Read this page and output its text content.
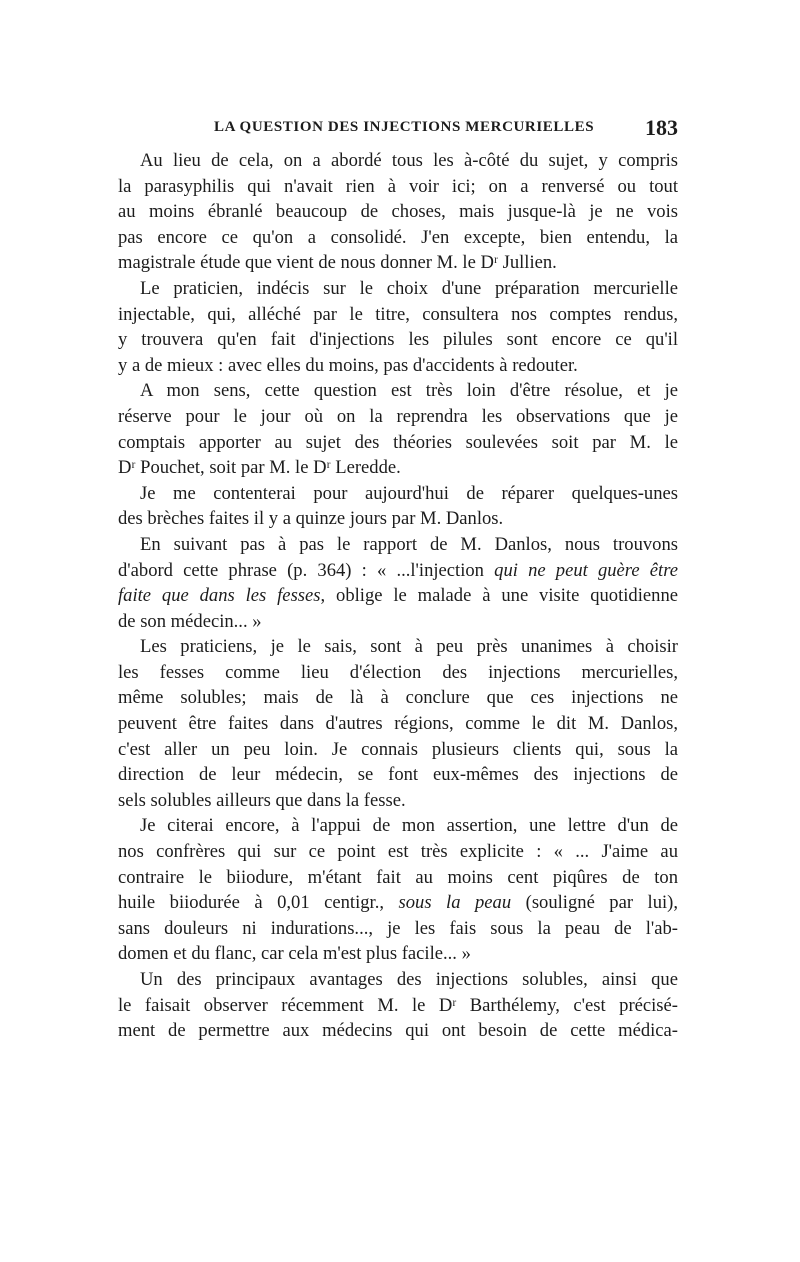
LA QUESTION DES INJECTIONS MERCURIELLES 183
Au lieu de cela, on a abordé tous les à-côté du sujet, y compris
la parasyphilis qui n'avait rien à voir ici; on a renversé ou tout
au moins ébranlé beaucoup de choses, mais jusque-là je ne vois
pas encore ce qu'on a consolidé. J'en excepte, bien entendu, la
magistrale étude que vient de nous donner M. le Dʳ Jullien.
Le praticien, indécis sur le choix d'une préparation mercurielle
injectable, qui, alléché par le titre, consultera nos comptes rendus,
y trouvera qu'en fait d'injections les pilules sont encore ce qu'il
y a de mieux : avec elles du moins, pas d'accidents à redouter.
A mon sens, cette question est très loin d'être résolue, et je
réserve pour le jour où on la reprendra les observations que je
comptais apporter au sujet des théories soulevées soit par M. le
Dʳ Pouchet, soit par M. le Dʳ Leredde.
Je me contenterai pour aujourd'hui de réparer quelques-unes
des brèches faites il y a quinze jours par M. Danlos.
En suivant pas à pas le rapport de M. Danlos, nous trouvons
d'abord cette phrase (p. 364) : « ...l'injection qui ne peut guère être
faite que dans les fesses, oblige le malade à une visite quotidienne
de son médecin... »
Les praticiens, je le sais, sont à peu près unanimes à choisir
les fesses comme lieu d'élection des injections mercurielles,
même solubles; mais de là à conclure que ces injections ne
peuvent être faites dans d'autres régions, comme le dit M. Danlos,
c'est aller un peu loin. Je connais plusieurs clients qui, sous la
direction de leur médecin, se font eux-mêmes des injections de
sels solubles ailleurs que dans la fesse.
Je citerai encore, à l'appui de mon assertion, une lettre d'un de
nos confrères qui sur ce point est très explicite : « ... J'aime au
contraire le biiodure, m'étant fait au moins cent piqûres de ton
huile biiodurée à 0,01 centigr., sous la peau (souligné par lui),
sans douleurs ni indurations..., je les fais sous la peau de l'ab-
domen et du flanc, car cela m'est plus facile... »
Un des principaux avantages des injections solubles, ainsi que
le faisait observer récemment M. le Dʳ Barthélemy, c'est précisé-
ment de permettre aux médecins qui ont besoin de cette médica-
